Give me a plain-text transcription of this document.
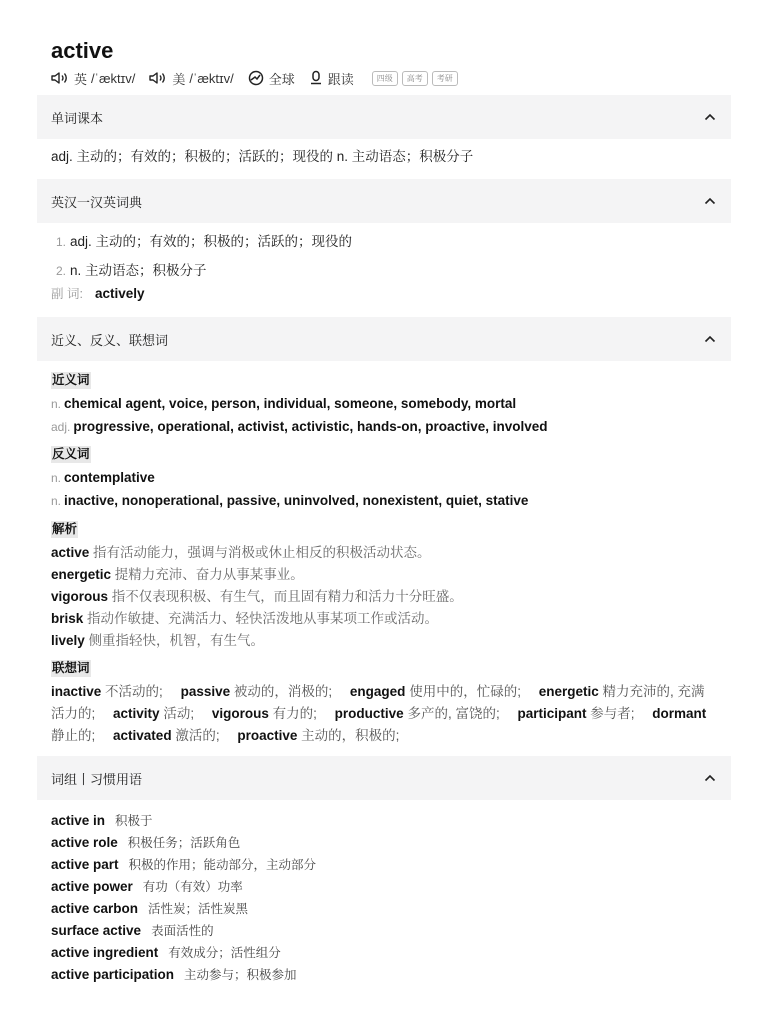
active
英 /ˈæktɪv/	美 /ˈæktɪv/	全球	跟读	四级	高考	考研
单词课本
adj. 主动的；有效的；积极的；活跃的；现役的 n. 主动语态；积极分子
英汉一汉英词典
1. adj. 主动的；有效的；积极的；活跃的；现役的
2. n. 主动语态；积极分子
副 词: actively
近义、反义、联想词
近义词
n. chemical agent, voice, person, individual, someone, somebody, mortal
adj. progressive, operational, activist, activistic, hands-on, proactive, involved
反义词
n. contemplative
n. inactive, nonoperational, passive, uninvolved, nonexistent, quiet, stative
解析
active 指有活动能力，强调与消极或休止相反的积极活动状态。
energetic 提精力充沛、奋力从事某事业。
vigorous 指不仅表现积极、有生气，而且固有精力和活力十分旺盛。
brisk 指动作敏捷、充满活力、轻快活泼地从事某项工作或活动。
lively 侧重指轻快，机智，有生气。
联想词
inactive 不活动的; passive 被动的，消极的; engaged 使用中的，忙碌的; energetic 精力充沛的, 充满活力的; activity 活动; vigorous 有力的; productive 多产的, 富饶的; participant 参与者; dormant 静止的; activated 激活的; proactive 主动的，积极的;
词组丨习惯用语
active in 积极于
active role 积极任务；活跃角色
active part 积极的作用；能动部分，主动部分
active power 有功（有效）功率
active carbon 活性炭；活性炭黑
surface active 表面活性的
active ingredient 有效成分；活性组分
active participation 主动参与；积极参加
